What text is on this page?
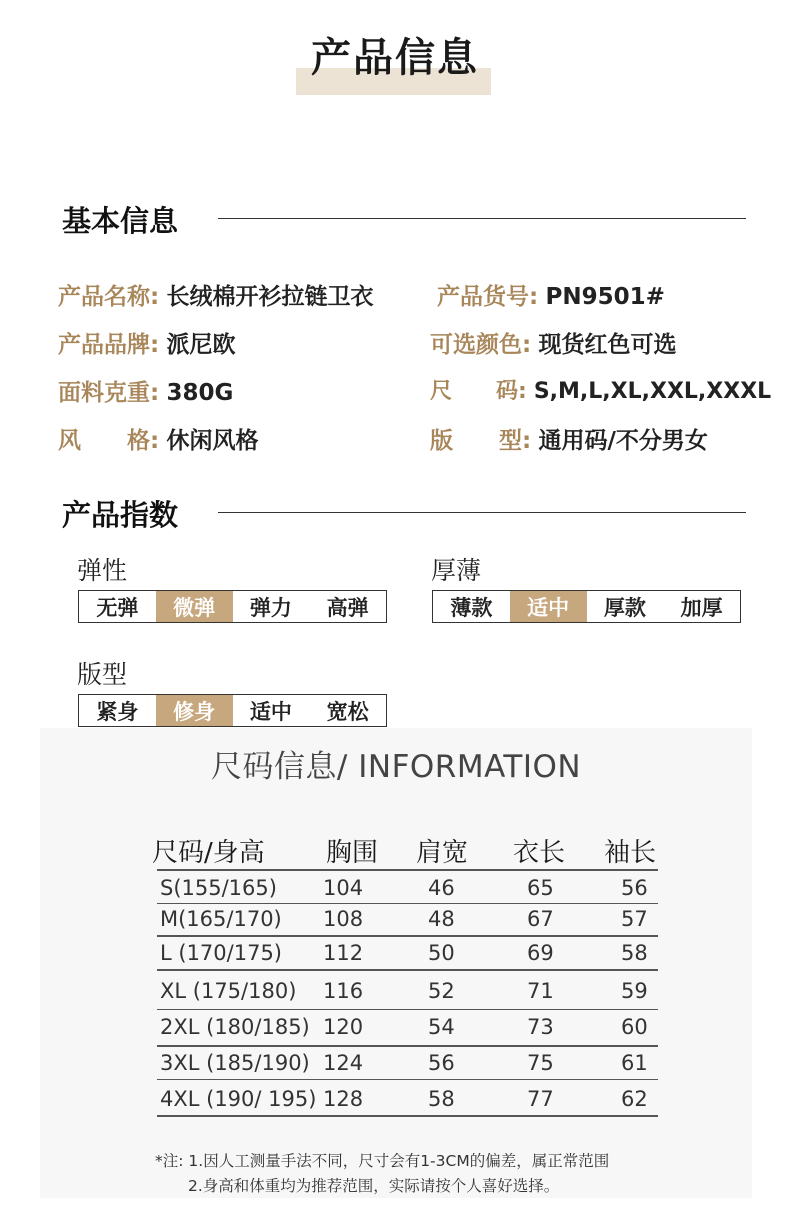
产品信息
基本信息
产品名称: 长绒棉开衫拉链卫衣	产品货号: PN9501#
产品品牌: 派尼欧	可选颜色: 现货红色可选
面料克重: 380G	尺　　码: S,M,L,XL,XXL,XXXL
风　　格: 休闲风格	版　　型: 通用码/不分男女
产品指数
弹性
无弹	微弹	弹力	高弹
厚薄
薄款	适中	厚款	加厚
版型
紧身	修身	适中	宽松
尺码信息/ INFORMATION
尺码/身高 胸围 肩宽 衣长 袖长
S(155/165) 104	46	65	56
M(165/170) 108	48	67	57
L (170/175) 112	50	69	58
XL (175/180) 116	52	71	59
2XL (180/185) 120	54	73	60
3XL (185/190) 124	56	75	61
4XL (190/ 195) 128	58	77	62
*注: 1.因人工测量手法不同，尺寸会有1-3CM的偏差，属正常范围
2.身高和体重均为推荐范围，实际请按个人喜好选择。
